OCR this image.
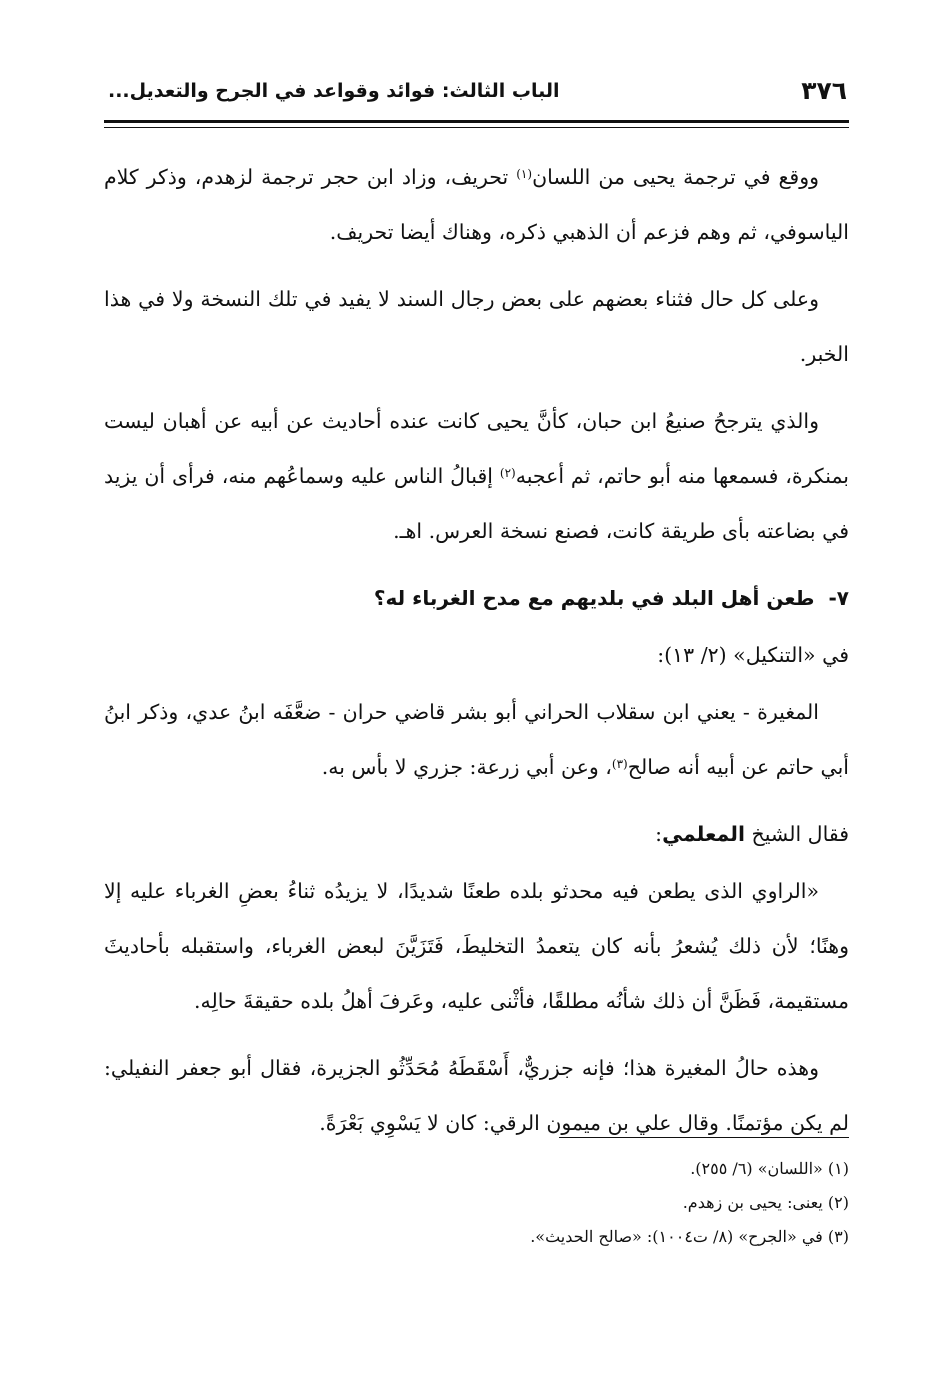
٣٧٦
الباب الثالث: فوائد وقواعد في الجرح والتعديل...

ووقع في ترجمة يحيى من اللسان$^{(١)}$ تحريف، وزاد ابن حجر ترجمة لزهدم، وذكر كلام الياسوفي، ثم وهم فزعم أن الذهبي ذكره، وهناك أيضا تحريف.

وعلى كل حال فثناء بعضهم على بعض رجال السند لا يفيد في تلك النسخة ولا في هذا الخبر.

والذي يترجحُ صنيعُ ابن حبان، كأنَّ يحيى كانت عنده أحاديث عن أبيه عن أهبان ليست بمنكرة، فسمعها منه أبو حاتم، ثم أعجبه$^{(٢)}$ إقبالُ الناس عليه وسماعُهم منه، فرأى أن يزيد في بضاعته بأى طريقة كانت، فصنع نسخة العرس. اهـ.

٧-طعن أهل البلد في بلديهم مع مدح الغرباء له؟

في «التنكيل» (٢/ ١٣):

المغيرة - يعني ابن سقلاب الحراني أبو بشر قاضي حران - ضعَّفَه ابنُ عدي، وذكر ابنُ أبي حاتم عن أبيه أنه صالح$^{(٣)}$، وعن أبي زرعة: جزري لا بأس به.

فقال الشيخ المعلمي:

«الراوي الذى يطعن فيه محدثو بلده طعنًا شديدًا، لا يزيدُه ثناءُ بعضِ الغرباء عليه إلا وهنًا؛ لأن ذلك يُشعرُ بأنه كان يتعمدُ التخليطَ، فَتَزَيَّنَ لبعض الغرباء، واستقبله بأحاديثَ مستقيمة، فَظَنَّ أن ذلك شأنُه مطلقًا، فأثْنى عليه، وعَرفَ أهلُ بلده حقيقةَ حالِه.

وهذه حالُ المغيرة هذا؛ فإنه جزريٌّ، أَسْقَطَهُ مُحَدِّثُو الجزيرة، فقال أبو جعفر النفيلي: لم يكن مؤتمنًا. وقال علي بن ميمون الرقي: كان لا يَسْوِي بَعْرَةً.

(١) «اللسان» (٦/ ٢٥٥).
(٢) يعنى: يحيى بن زهدم.
(٣) في «الجرح» (٨/ ت١٠٠٤): «صالح الحديث».
